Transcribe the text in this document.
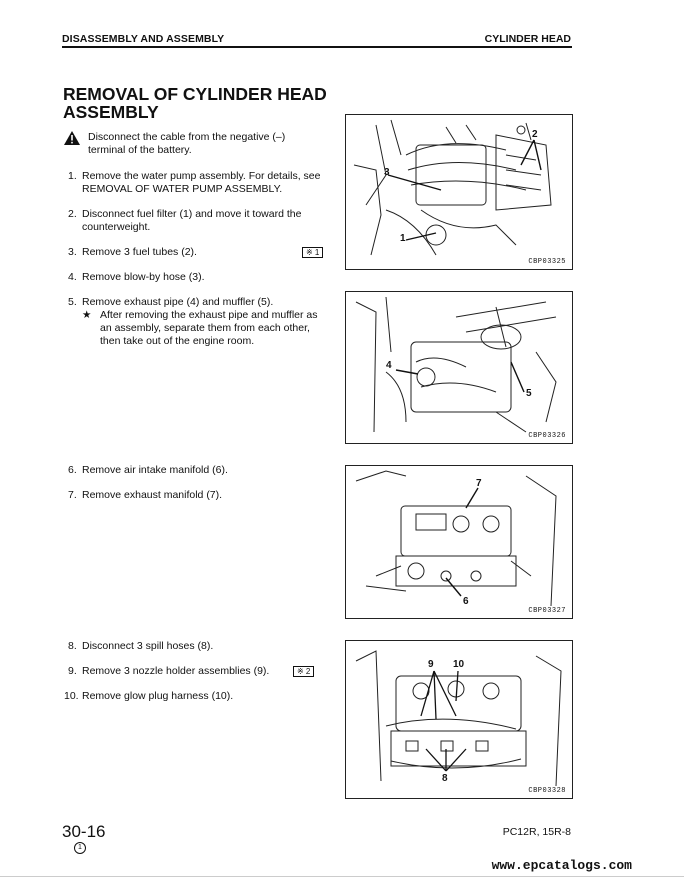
DISASSEMBLY AND ASSEMBLY	CYLINDER HEAD
REMOVAL OF CYLINDER HEAD ASSEMBLY
Disconnect the cable from the negative (–) terminal of the battery.
1. Remove the water pump assembly. For details, see REMOVAL OF WATER PUMP ASSEMBLY.
2. Disconnect fuel filter (1) and move it toward the counterweight.
3. Remove 3 fuel tubes (2).	※ 1
4. Remove blow-by hose (3).
5. Remove exhaust pipe (4) and muffler (5).
★ After removing the exhaust pipe and muffler as an assembly, separate them from each other, then take out of the engine room.
6. Remove air intake manifold (6).
7. Remove exhaust manifold (7).
8. Disconnect 3 spill hoses (8).
9. Remove 3 nozzle holder assemblies (9).	※ 2
10. Remove glow plug harness (10).
3
2
1
CBP03325
4
5
CBP03326
7
6
CBP03327
9 10
8
CBP03328
30-16
1
PC12R, 15R-8
www.epcatalogs.com
